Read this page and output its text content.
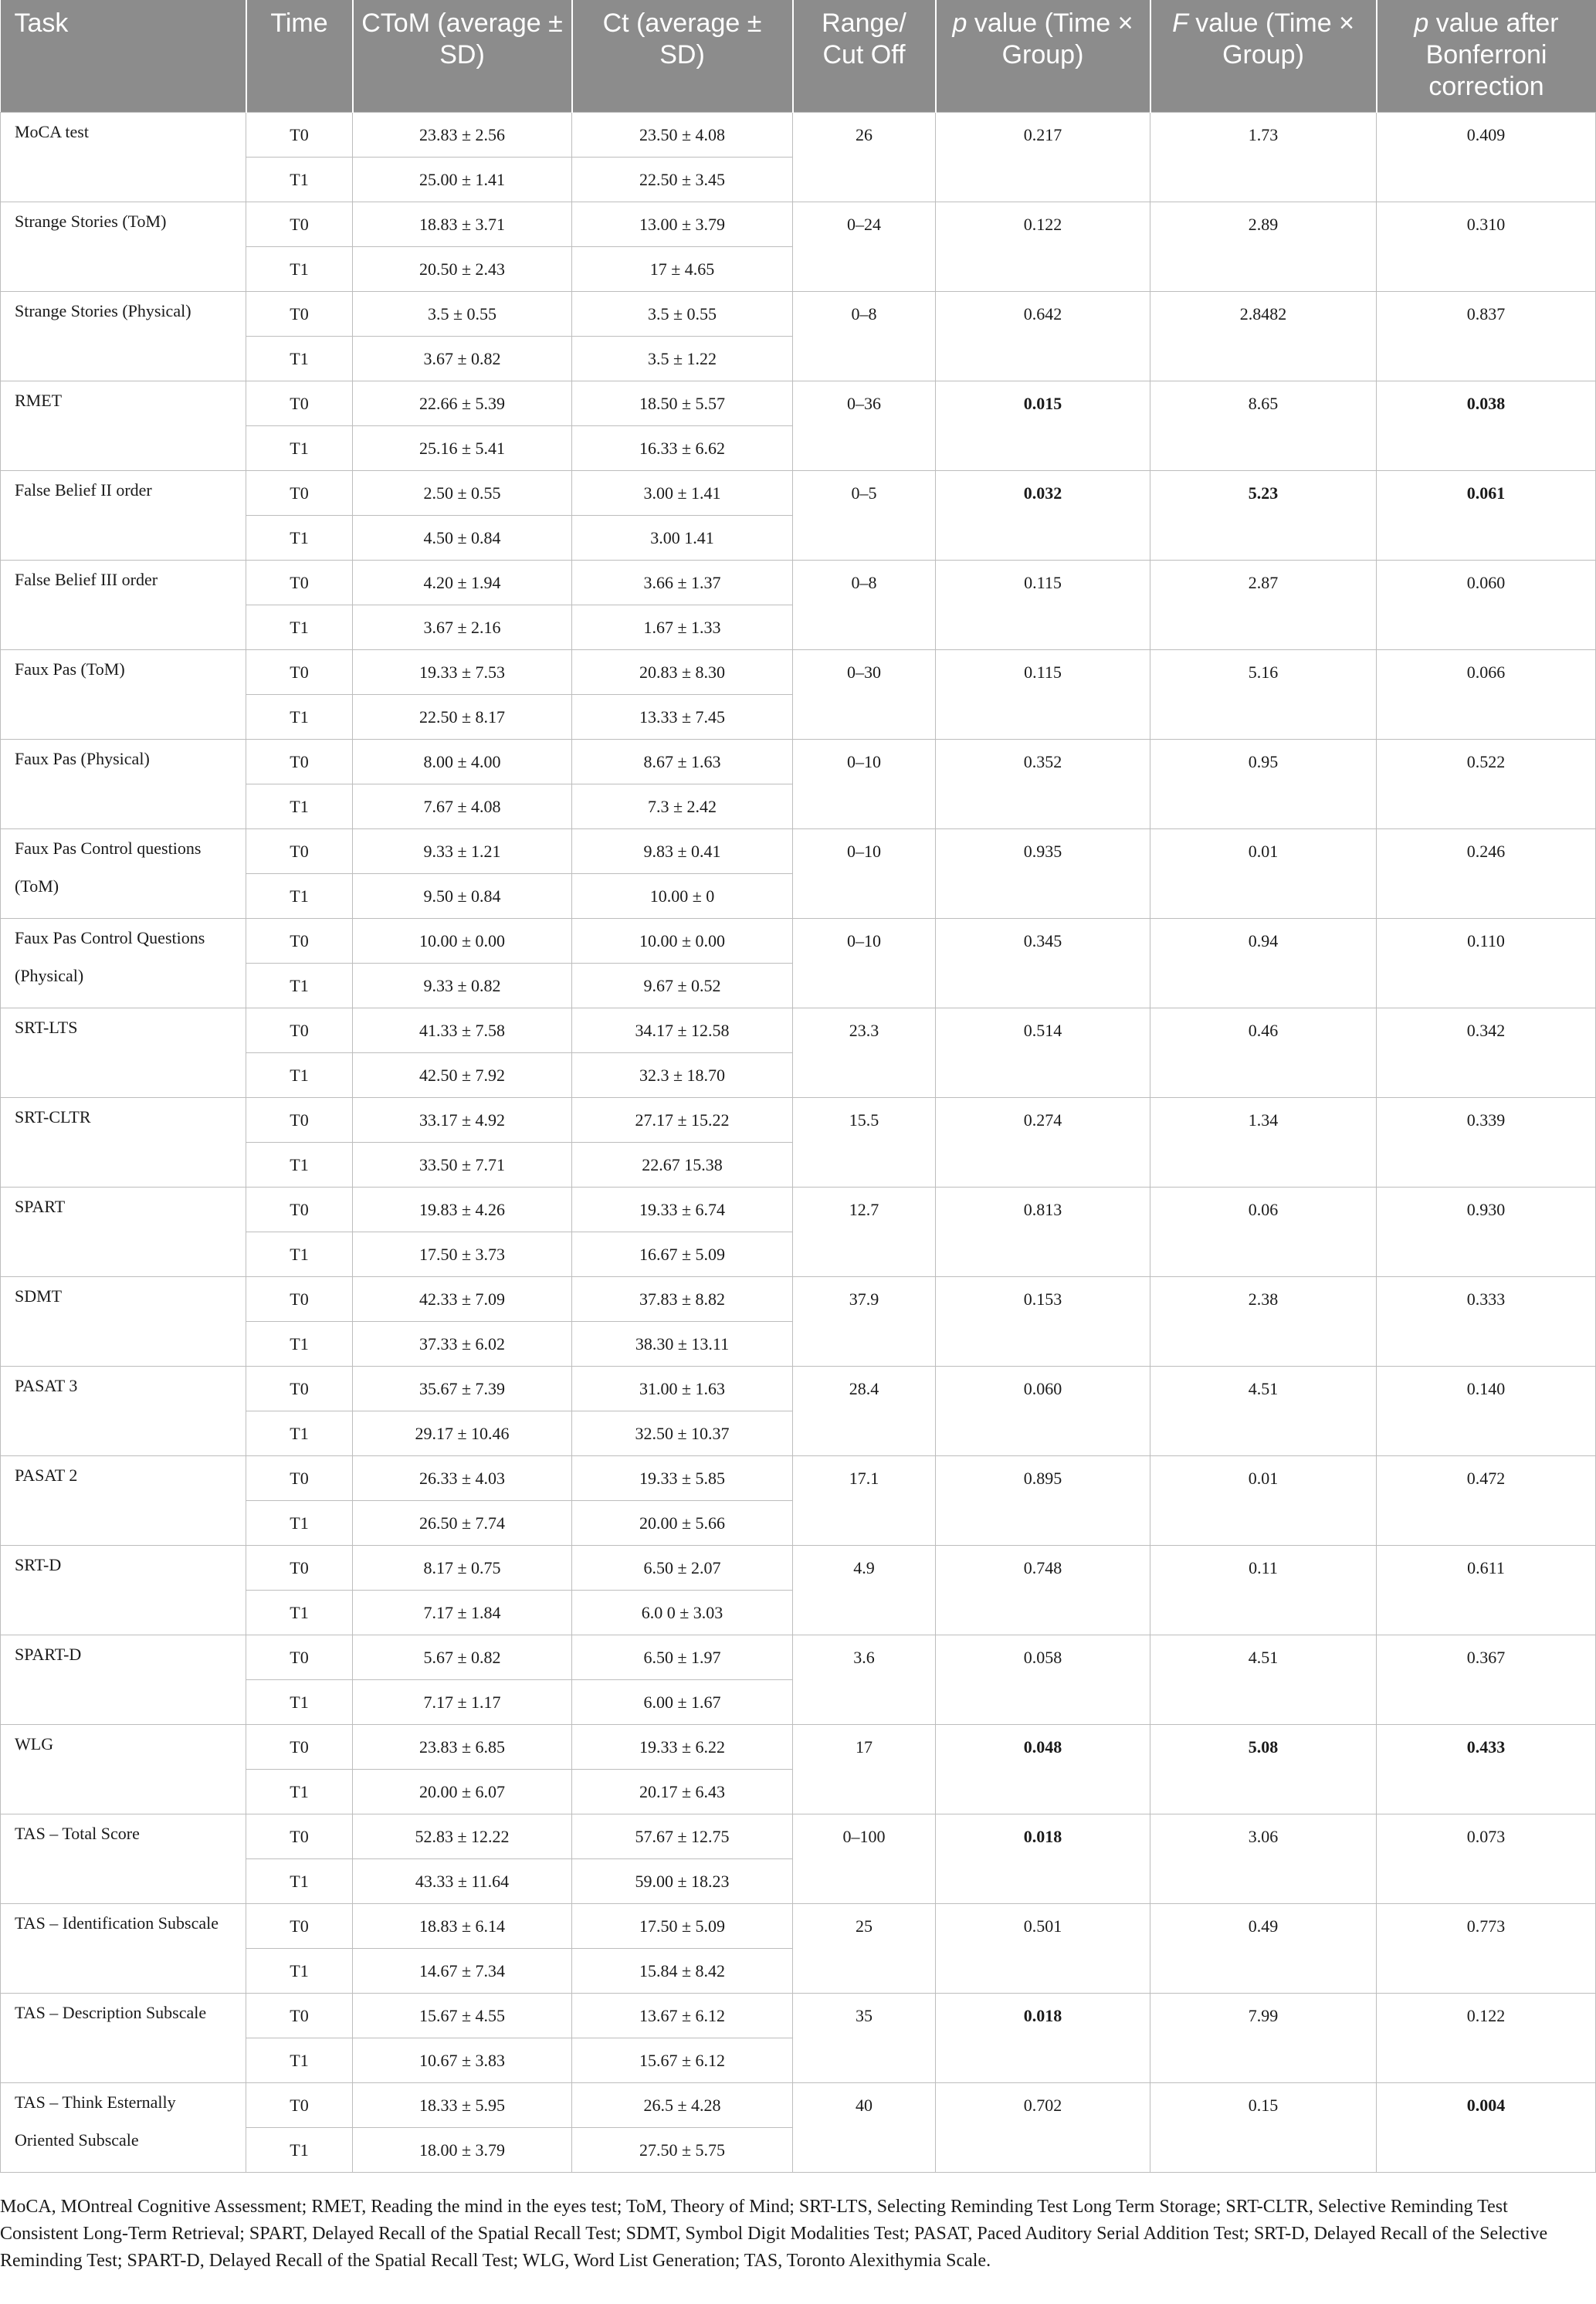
Task	Time	CToM (average ± SD)	Ct (average ± SD)	Range/ Cut Off	p value (Time × Group)	F value (Time × Group)	p value after Bonferroni correction
MoCA test	T0	23.83 ± 2.56	23.50 ± 4.08	26	0.217	1.73	0.409
	T1	25.00 ± 1.41	22.50 ± 3.45				
Strange Stories (ToM)	T0	18.83 ± 3.71	13.00 ± 3.79	0–24	0.122	2.89	0.310
	T1	20.50 ± 2.43	17 ± 4.65				
Strange Stories (Physical)	T0	3.5 ± 0.55	3.5 ± 0.55	0–8	0.642	2.8482	0.837
	T1	3.67 ± 0.82	3.5 ± 1.22				
RMET	T0	22.66 ± 5.39	18.50 ± 5.57	0–36	0.015	8.65	0.038
	T1	25.16 ± 5.41	16.33 ± 6.62				
False Belief II order	T0	2.50 ± 0.55	3.00 ± 1.41	0–5	0.032	5.23	0.061
	T1	4.50 ± 0.84	3.00 1.41				
False Belief III order	T0	4.20 ± 1.94	3.66 ± 1.37	0–8	0.115	2.87	0.060
	T1	3.67 ± 2.16	1.67 ± 1.33				
Faux Pas (ToM)	T0	19.33 ± 7.53	20.83 ± 8.30	0–30	0.115	5.16	0.066
	T1	22.50 ± 8.17	13.33 ± 7.45				
Faux Pas (Physical)	T0	8.00 ± 4.00	8.67 ± 1.63	0–10	0.352	0.95	0.522
	T1	7.67 ± 4.08	7.3 ± 2.42				
Faux Pas Control questions (ToM)	T0	9.33 ± 1.21	9.83 ± 0.41	0–10	0.935	0.01	0.246
	T1	9.50 ± 0.84	10.00 ± 0				
Faux Pas Control Questions (Physical)	T0	10.00 ± 0.00	10.00 ± 0.00	0–10	0.345	0.94	0.110
	T1	9.33 ± 0.82	9.67 ± 0.52				
SRT-LTS	T0	41.33 ± 7.58	34.17 ± 12.58	23.3	0.514	0.46	0.342
	T1	42.50 ± 7.92	32.3 ± 18.70				
SRT-CLTR	T0	33.17 ± 4.92	27.17 ± 15.22	15.5	0.274	1.34	0.339
	T1	33.50 ± 7.71	22.67 15.38				
SPART	T0	19.83 ± 4.26	19.33 ± 6.74	12.7	0.813	0.06	0.930
	T1	17.50 ± 3.73	16.67 ± 5.09				
SDMT	T0	42.33 ± 7.09	37.83 ± 8.82	37.9	0.153	2.38	0.333
	T1	37.33 ± 6.02	38.30 ± 13.11				
PASAT 3	T0	35.67 ± 7.39	31.00 ± 1.63	28.4	0.060	4.51	0.140
	T1	29.17 ± 10.46	32.50 ± 10.37				
PASAT 2	T0	26.33 ± 4.03	19.33 ± 5.85	17.1	0.895	0.01	0.472
	T1	26.50 ± 7.74	20.00 ± 5.66				
SRT-D	T0	8.17 ± 0.75	6.50 ± 2.07	4.9	0.748	0.11	0.611
	T1	7.17 ± 1.84	6.0 0 ± 3.03				
SPART-D	T0	5.67 ± 0.82	6.50 ± 1.97	3.6	0.058	4.51	0.367
	T1	7.17 ± 1.17	6.00 ± 1.67				
WLG	T0	23.83 ± 6.85	19.33 ± 6.22	17	0.048	5.08	0.433
	T1	20.00 ± 6.07	20.17 ± 6.43				
TAS – Total Score	T0	52.83 ± 12.22	57.67 ± 12.75	0–100	0.018	3.06	0.073
	T1	43.33 ± 11.64	59.00 ± 18.23				
TAS – Identification Subscale	T0	18.83 ± 6.14	17.50 ± 5.09	25	0.501	0.49	0.773
	T1	14.67 ± 7.34	15.84 ± 8.42				
TAS – Description Subscale	T0	15.67 ± 4.55	13.67 ± 6.12	35	0.018	7.99	0.122
	T1	10.67 ± 3.83	15.67 ± 6.12				
TAS – Think Esternally Oriented Subscale	T0	18.33 ± 5.95	26.5 ± 4.28	40	0.702	0.15	0.004
	T1	18.00 ± 3.79	27.50 ± 5.75				

MoCA, MOntreal Cognitive Assessment; RMET, Reading the mind in the eyes test; ToM, Theory of Mind; SRT-LTS, Selecting Reminding Test Long Term Storage; SRT-CLTR, Selective Reminding Test Consistent Long-Term Retrieval; SPART, Delayed Recall of the Spatial Recall Test; SDMT, Symbol Digit Modalities Test; PASAT, Paced Auditory Serial Addition Test; SRT-D, Delayed Recall of the Selective Reminding Test; SPART-D, Delayed Recall of the Spatial Recall Test; WLG, Word List Generation; TAS, Toronto Alexithymia Scale.
